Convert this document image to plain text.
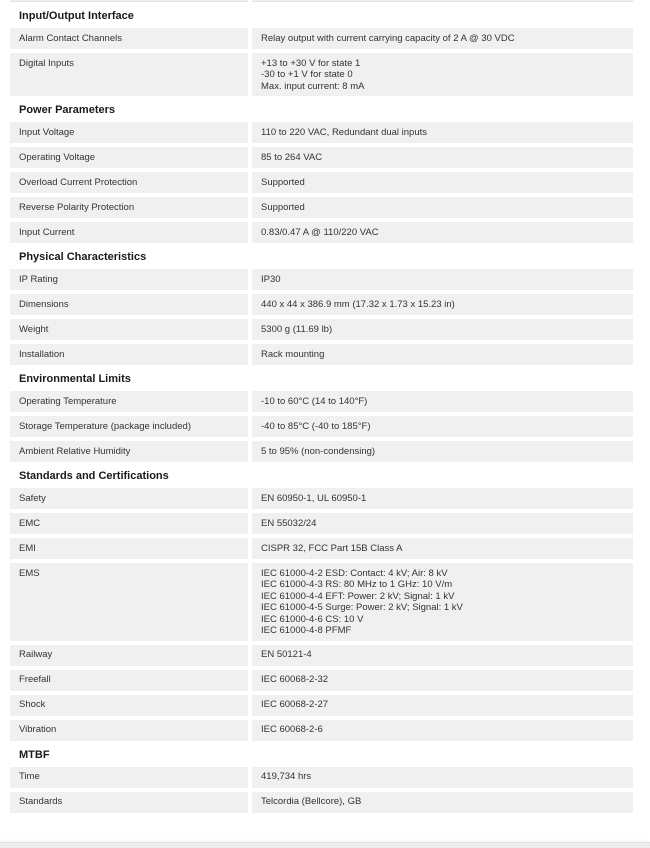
Input/Output Interface
Alarm Contact Channels	Relay output with current carrying capacity of 2 A @ 30 VDC
Digital Inputs	+13 to +30 V for state 1
-30 to +1 V for state 0
Max. input current: 8 mA
Power Parameters
Input Voltage	110 to 220 VAC, Redundant dual inputs
Operating Voltage	85 to 264 VAC
Overload Current Protection	Supported
Reverse Polarity Protection	Supported
Input Current	0.83/0.47 A @ 110/220 VAC
Physical Characteristics
IP Rating	IP30
Dimensions	440 x 44 x 386.9 mm (17.32 x 1.73 x 15.23 in)
Weight	5300 g (11.69 lb)
Installation	Rack mounting
Environmental Limits
Operating Temperature	-10 to 60°C (14 to 140°F)
Storage Temperature (package included)	-40 to 85°C (-40 to 185°F)
Ambient Relative Humidity	5 to 95% (non-condensing)
Standards and Certifications
Safety	EN 60950-1, UL 60950-1
EMC	EN 55032/24
EMI	CISPR 32, FCC Part 15B Class A
EMS	IEC 61000-4-2 ESD: Contact: 4 kV; Air: 8 kV
IEC 61000-4-3 RS: 80 MHz to 1 GHz: 10 V/m
IEC 61000-4-4 EFT: Power: 2 kV; Signal: 1 kV
IEC 61000-4-5 Surge: Power: 2 kV; Signal: 1 kV
IEC 61000-4-6 CS: 10 V
IEC 61000-4-8 PFMF
Railway	EN 50121-4
Freefall	IEC 60068-2-32
Shock	IEC 60068-2-27
Vibration	IEC 60068-2-6
MTBF
Time	419,734 hrs
Standards	Telcordia (Bellcore), GB
